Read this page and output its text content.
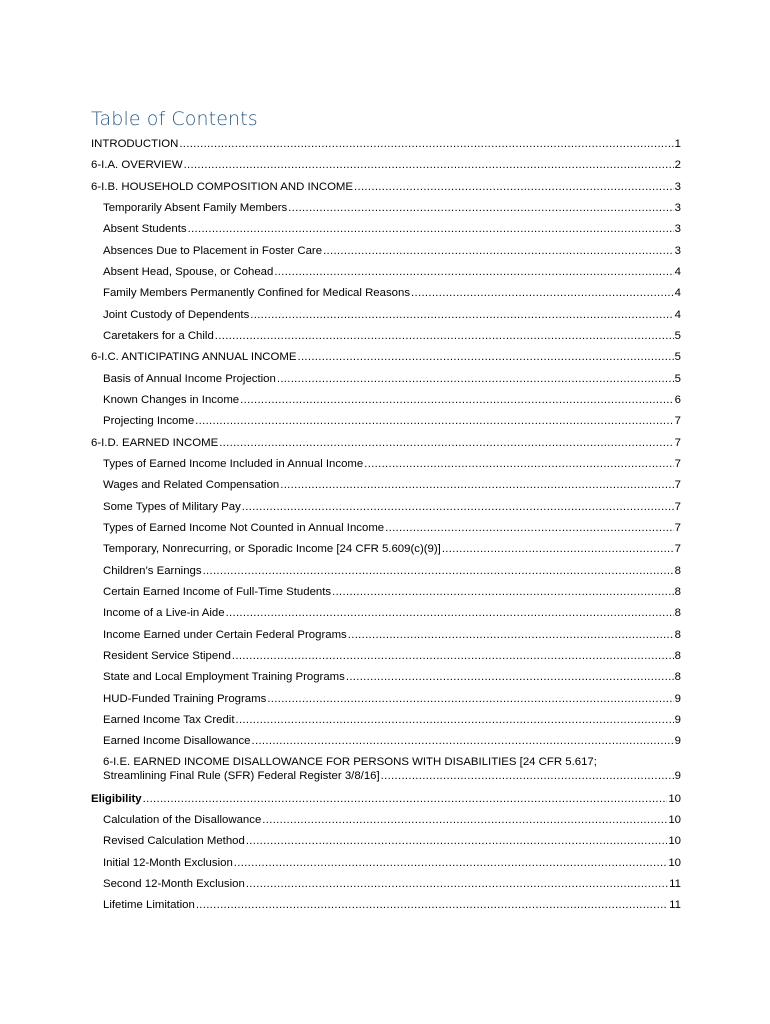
Table of Contents
INTRODUCTION .....	1
6-I.A. OVERVIEW .....	2
6-I.B. HOUSEHOLD COMPOSITION AND INCOME .....	3
Temporarily Absent Family Members .....	3
Absent Students .....	3
Absences Due to Placement in Foster Care .....	3
Absent Head, Spouse, or Cohead .....	4
Family Members Permanently Confined for Medical Reasons .....	4
Joint Custody of Dependents .....	4
Caretakers for a Child .....	5
6-I.C. ANTICIPATING ANNUAL INCOME .....	5
Basis of Annual Income Projection .....	5
Known Changes in Income .....	6
Projecting Income .....	7
6-I.D. EARNED INCOME .....	7
Types of Earned Income Included in Annual Income .....	7
Wages and Related Compensation .....	7
Some Types of Military Pay .....	7
Types of Earned Income Not Counted in Annual Income .....	7
Temporary, Nonrecurring, or Sporadic Income [24 CFR 5.609(c)(9)] .....	7
Children’s Earnings .....	8
Certain Earned Income of Full-Time Students .....	8
Income of a Live-in Aide .....	8
Income Earned under Certain Federal Programs .....	8
Resident Service Stipend .....	8
State and Local Employment Training Programs .....	8
HUD-Funded Training Programs .....	9
Earned Income Tax Credit .....	9
Earned Income Disallowance .....	9
6-I.E. EARNED INCOME DISALLOWANCE FOR PERSONS WITH DISABILITIES [24 CFR 5.617;
Streamlining Final Rule (SFR) Federal Register 3/8/16] .....	9
Eligibility .....	10
Calculation of the Disallowance .....	10
Revised Calculation Method .....	10
Initial 12-Month Exclusion .....	10
Second 12-Month Exclusion .....	11
Lifetime Limitation .....	11
